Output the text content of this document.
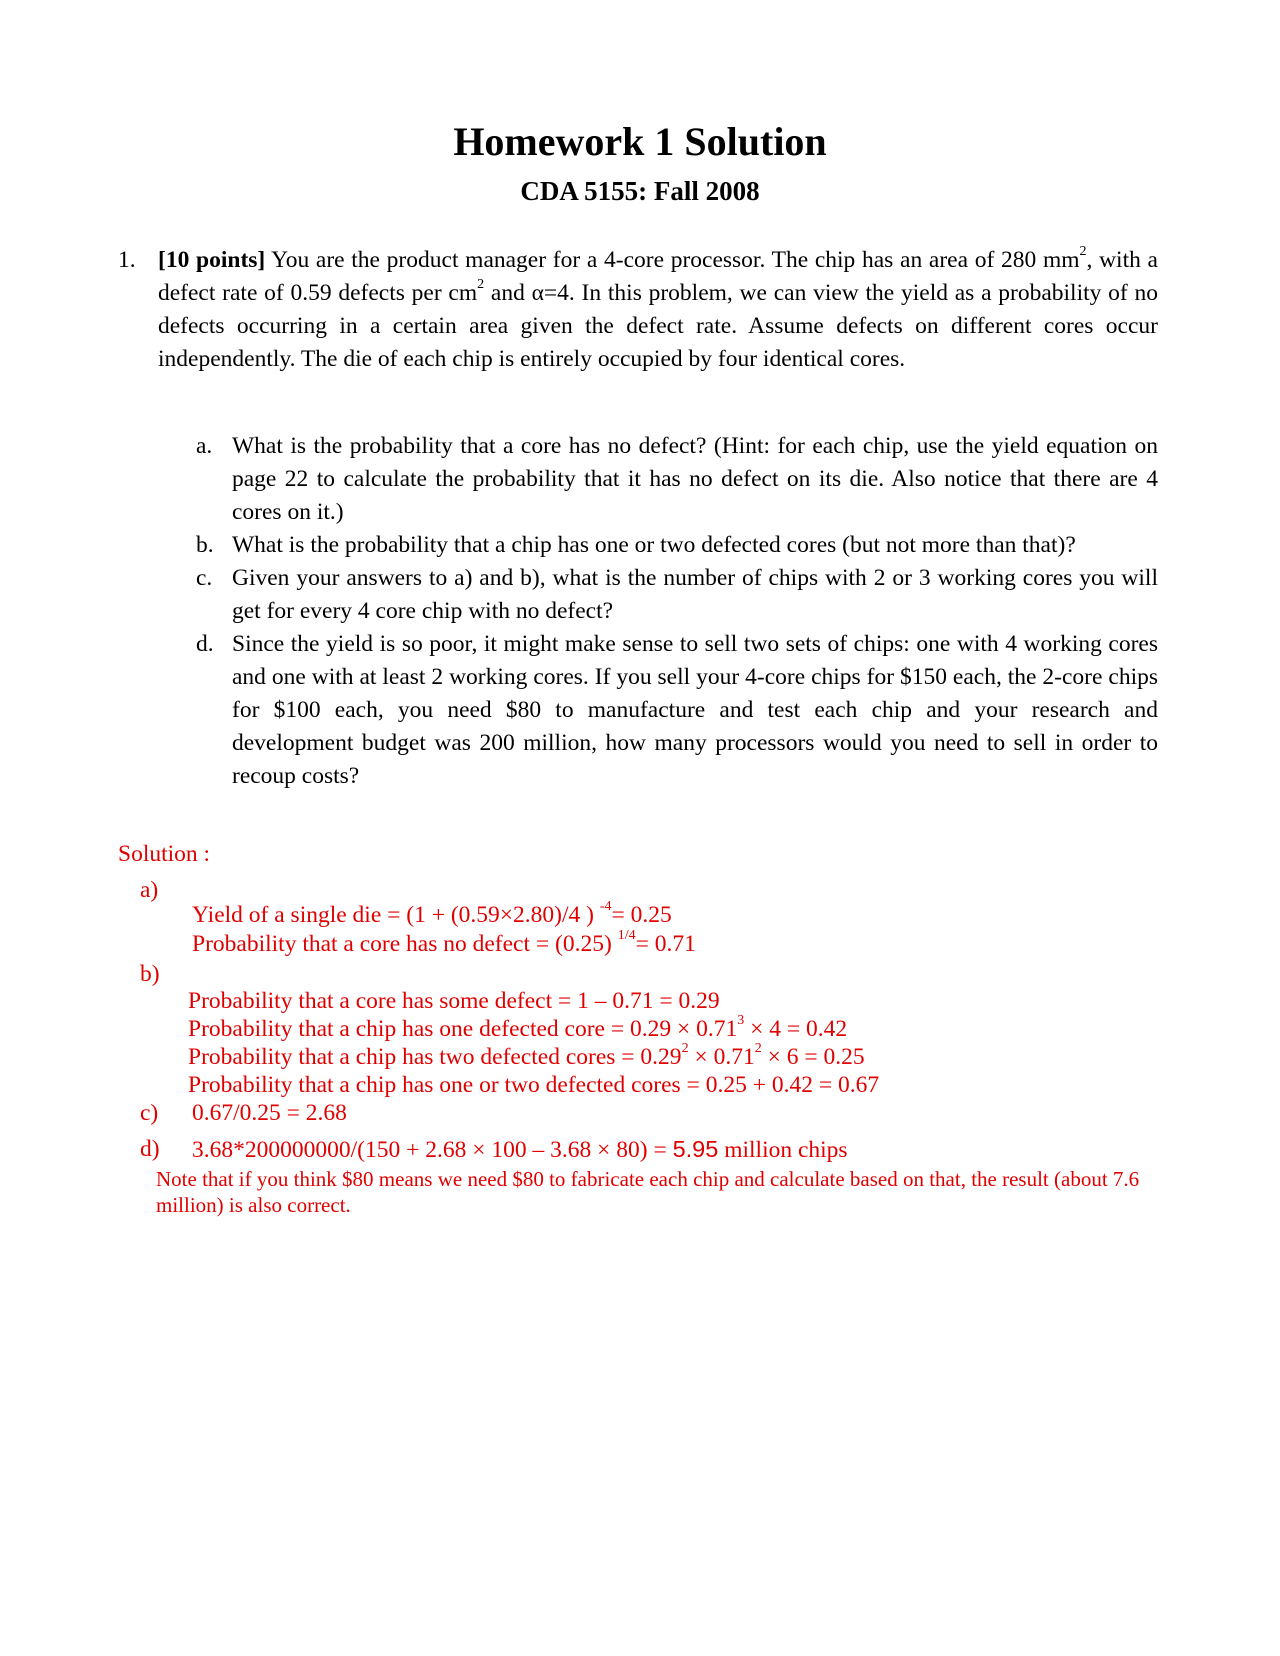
Homework 1 Solution
CDA 5155: Fall 2008
1. [10 points] You are the product manager for a 4-core processor. The chip has an area of 280 $mm^2$, with a defect rate of 0.59 defects per $cm^2$ and α=4. In this problem, we can view the yield as a probability of no defects occurring in a certain area given the defect rate. Assume defects on different cores occur independently. The die of each chip is entirely occupied by four identical cores.
a. What is the probability that a core has no defect? (Hint: for each chip, use the yield equation on page 22 to calculate the probability that it has no defect on its die. Also notice that there are 4 cores on it.)
b. What is the probability that a chip has one or two defected cores (but not more than that)?
c. Given your answers to a) and b), what is the number of chips with 2 or 3 working cores you will get for every 4 core chip with no defect?
d. Since the yield is so poor, it might make sense to sell two sets of chips: one with 4 working cores and one with at least 2 working cores. If you sell your 4-core chips for $150 each, the 2-core chips for $100 each, you need $80 to manufacture and test each chip and your research and development budget was 200 million, how many processors would you need to sell in order to recoup costs?
Solution :
a)
Yield of a single die = (1 + (0.59×2.80)/4 ) $^{-4}$= 0.25
Probability that a core has no defect = (0.25) $^{1/4}$= 0.71
b)
Probability that a core has some defect = 1 – 0.71 = 0.29
Probability that a chip has one defected core = $0.29 \times 0.71^3 \times 4 = 0.42$
Probability that a chip has two defected cores = $0.29^2 \times 0.71^2 \times 6 = 0.25$
Probability that a chip has one or two defected cores = 0.25 + 0.42 = 0.67
c) 0.67/0.25 = 2.68
d) 3.68*200000000/(150 + 2.68 × 100 – 3.68 × 80) = 5.95 million chips
Note that if you think $80 means we need $80 to fabricate each chip and calculate based on that, the result (about 7.6 million) is also correct.
